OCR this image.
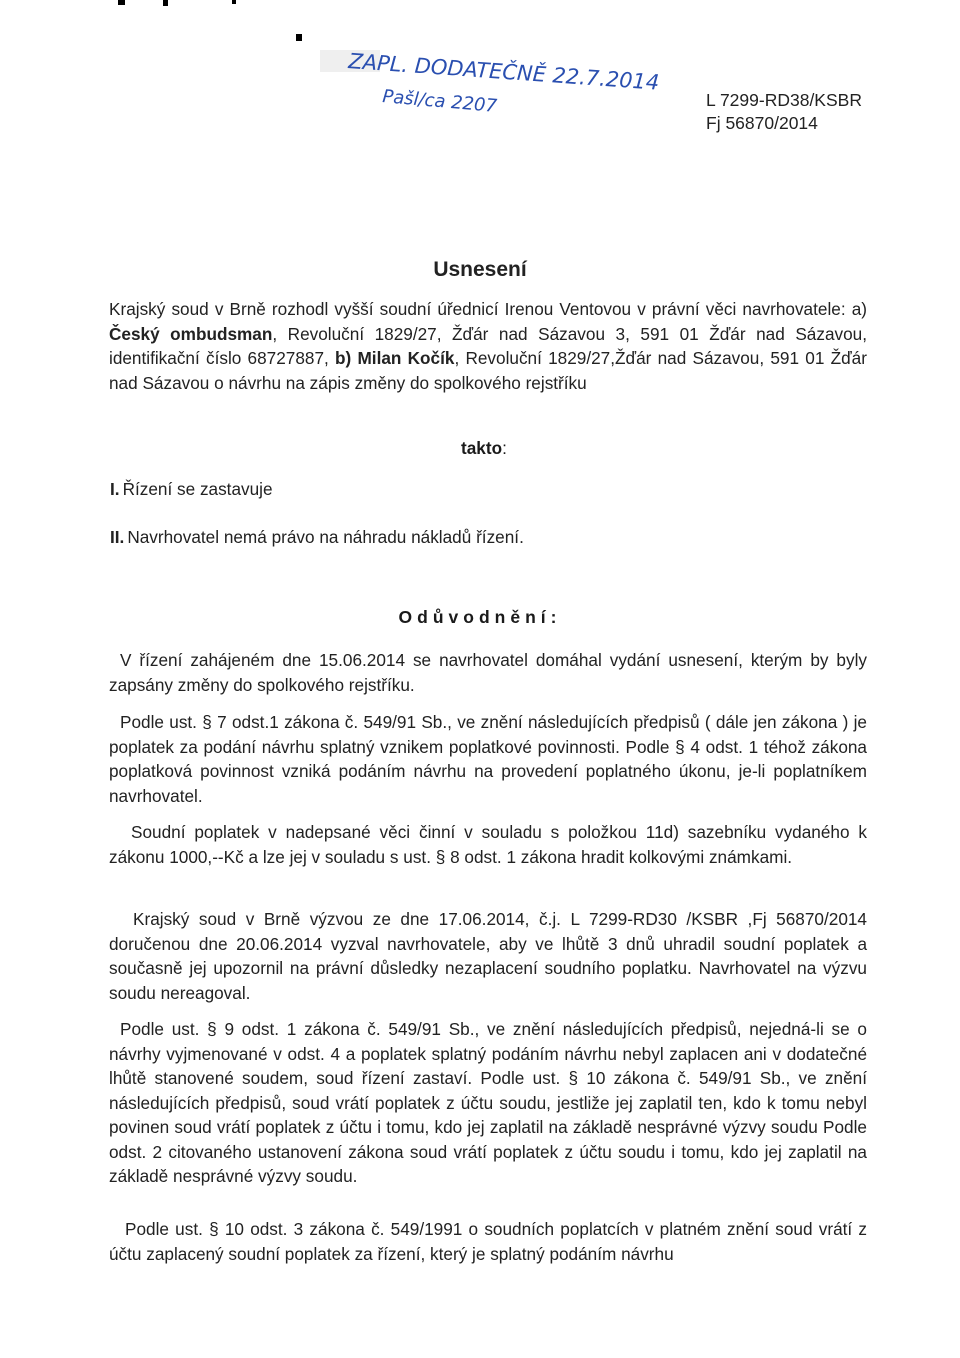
ZAPL. DODATEČNĚ 22.7.2014
Pašl/ca 2207	L 7299-RD38/KSBR
Fj 56870/2014
Usnesení
Krajský soud v Brně rozhodl vyšší soudní úřednicí Irenou Ventovou v právní věci navrhovatele: a) Český ombudsman, Revoluční 1829/27, Žďár nad Sázavou 3, 591 01 Žďár nad Sázavou, identifikační číslo 68727887, b) Milan Kočík, Revoluční 1829/27,Žďár nad Sázavou, 591 01 Žďár nad Sázavou o návrhu na zápis změny do spolkového rejstříku
takto:
I. Řízení se zastavuje
II. Navrhovatel nemá právo na náhradu nákladů řízení.
Odůvodnění:
V řízení zahájeném dne 15.06.2014 se navrhovatel domáhal vydání usnesení, kterým by byly zapsány změny do spolkového rejstříku.
Podle ust. § 7 odst.1 zákona č. 549/91 Sb., ve znění následujících předpisů ( dále jen zákona ) je poplatek za podání návrhu splatný vznikem poplatkové povinnosti. Podle § 4 odst. 1 téhož zákona poplatková povinnost vzniká podáním návrhu na provedení poplatného úkonu, je-li poplatníkem navrhovatel.
Soudní poplatek v nadepsané věci činní v souladu s položkou 11d) sazebníku vydaného k zákonu 1000,--Kč a lze jej v souladu s ust. § 8 odst. 1 zákona hradit kolkovými známkami.
Krajský soud v Brně výzvou ze dne 17.06.2014, č.j. L 7299-RD30 /KSBR ,Fj 56870/2014 doručenou dne 20.06.2014 vyzval navrhovatele, aby ve lhůtě 3 dnů uhradil soudní poplatek a současně jej upozornil na právní důsledky nezaplacení soudního poplatku. Navrhovatel na výzvu soudu nereagoval.
Podle ust. § 9 odst. 1 zákona č. 549/91 Sb., ve znění následujících předpisů, nejedná-li se o návrhy vyjmenované v odst. 4 a poplatek splatný podáním návrhu nebyl zaplacen ani v dodatečné lhůtě stanovené soudem, soud řízení zastaví. Podle ust. § 10 zákona č. 549/91 Sb., ve znění následujících předpisů, soud vrátí poplatek z účtu soudu, jestliže jej zaplatil ten, kdo k tomu nebyl povinen soud vrátí poplatek z účtu i tomu, kdo jej zaplatil na základě nesprávné výzvy soudu Podle odst. 2 citovaného ustanovení zákona soud vrátí poplatek z účtu soudu i tomu, kdo jej zaplatil na základě nesprávné výzvy soudu.
Podle ust. § 10 odst. 3 zákona č. 549/1991 o soudních poplatcích v platném znění soud vrátí z účtu zaplacený soudní poplatek za řízení, který je splatný podáním návrhu
